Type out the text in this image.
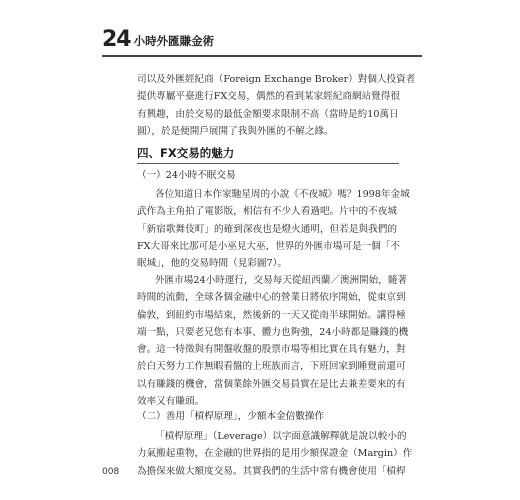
24 小時外匯賺金術
司以及外匯經紀商（Foreign Exchange Broker）對個人投資者
提供專屬平臺進行FX交易，偶然的看到某家經紀商網站覺得很
有興趣，由於交易的最低金額要求限制不高（當時是約10萬日
圓），於是便開戶展開了我與外匯的不解之緣。
四、FX交易的魅力
（一）24小時不眠交易
各位知道日本作家馳星周的小說《不夜城》嗎？1998年金城
武作為主角拍了電影版，相信有不少人看過吧。片中的不夜城
「新宿歌舞伎町」的確到深夜也是燈火通明，但若是與我們的
FX大哥來比那可是小巫見大巫，世界的外匯市場可是一個「不
眠城」，他的交易時間（見彩圖7）。
外匯市場24小時運行，交易每天從紐西蘭／澳洲開始，隨著
時間的流動，全球各個金融中心的營業日將依序開始，從東京到
倫敦，到紐約市場結束，然後新的一天又從南半球開始。講得極
端一點，只要老兄您有本事、體力也夠強，24小時都是賺錢的機
會。這一特徵與有開盤收盤的股票市場等相比實在具有魅力，對
於白天努力工作無暇看盤的上班族而言，下班回家到睡覺前還可
以有賺錢的機會，當個業餘外匯交易員實在是比去兼差要來的有
效率又有賺頭。
（二）善用「槓桿原理」，少額本金倍數操作
「槓桿原理」（Leverage）以字面意識解釋就是說以較小的
力氣搬起重物，在金融的世界指的是用少額保證金（Margin）作
為擔保來做大額度交易。其實我們的生活中常有機會使用「槓桿
008
